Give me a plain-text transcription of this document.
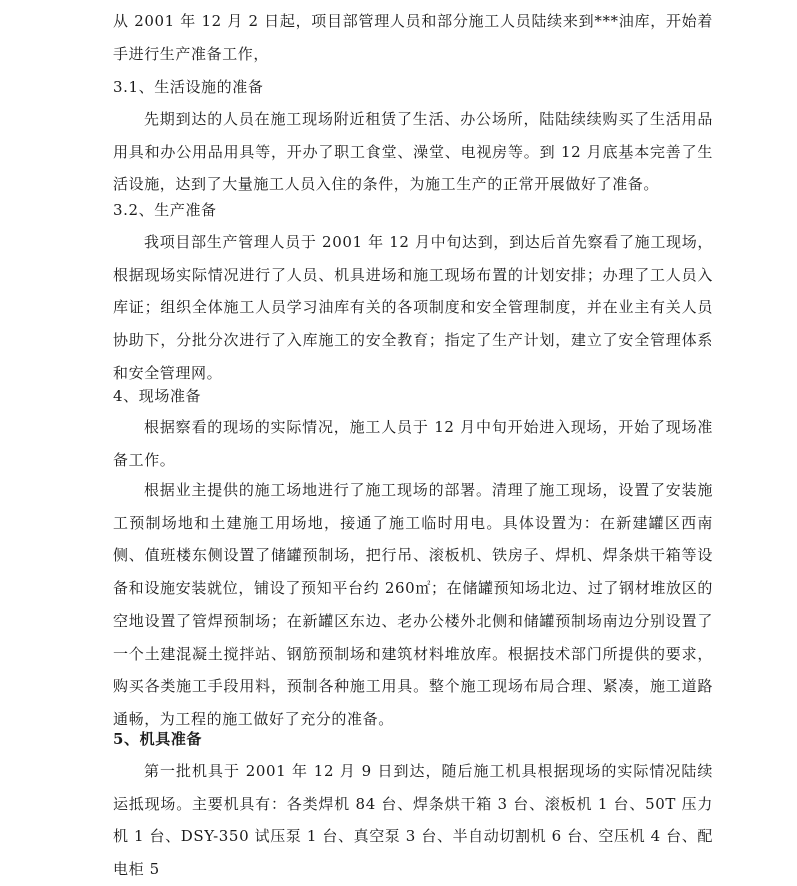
从 2001 年 12 月 2 日起，项目部管理人员和部分施工人员陆续来到***油库，开始着手进行生产准备工作，
3.1、生活设施的准备
先期到达的人员在施工现场附近租赁了生活、办公场所，陆陆续续购买了生活用品用具和办公用品用具等，开办了职工食堂、澡堂、电视房等。到 12 月底基本完善了生活设施，达到了大量施工人员入住的条件，为施工生产的正常开展做好了准备。
3.2、生产准备
我项目部生产管理人员于 2001 年 12 月中旬达到，到达后首先察看了施工现场，根据现场实际情况进行了人员、机具进场和施工现场布置的计划安排；办理了工人员入库证；组织全体施工人员学习油库有关的各项制度和安全管理制度，并在业主有关人员协助下，分批分次进行了入库施工的安全教育；指定了生产计划，建立了安全管理体系和安全管理网。
4、现场准备
根据察看的现场的实际情况，施工人员于 12 月中旬开始进入现场，开始了现场准备工作。
根据业主提供的施工场地进行了施工现场的部署。清理了施工现场，设置了安装施工预制场地和土建施工用场地，接通了施工临时用电。具体设置为：在新建罐区西南侧、值班楼东侧设置了储罐预制场，把行吊、滚板机、铁房子、焊机、焊条烘干箱等设备和设施安装就位，铺设了预知平台约 260㎡；在储罐预知场北边、过了钢材堆放区的空地设置了管焊预制场；在新罐区东边、老办公楼外北侧和储罐预制场南边分别设置了一个土建混凝土搅拌站、钢筋预制场和建筑材料堆放库。根据技术部门所提供的要求，购买各类施工手段用料，预制各种施工用具。整个施工现场布局合理、紧凑，施工道路通畅，为工程的施工做好了充分的准备。
5、机具准备
第一批机具于 2001 年 12 月 9 日到达，随后施工机具根据现场的实际情况陆续运抵现场。主要机具有：各类焊机 84 台、焊条烘干箱 3 台、滚板机 1 台、50T 压力机 1 台、DSY-350 试压泵 1 台、真空泵 3 台、半自动切割机 6 台、空压机 4 台、配电柜 5
